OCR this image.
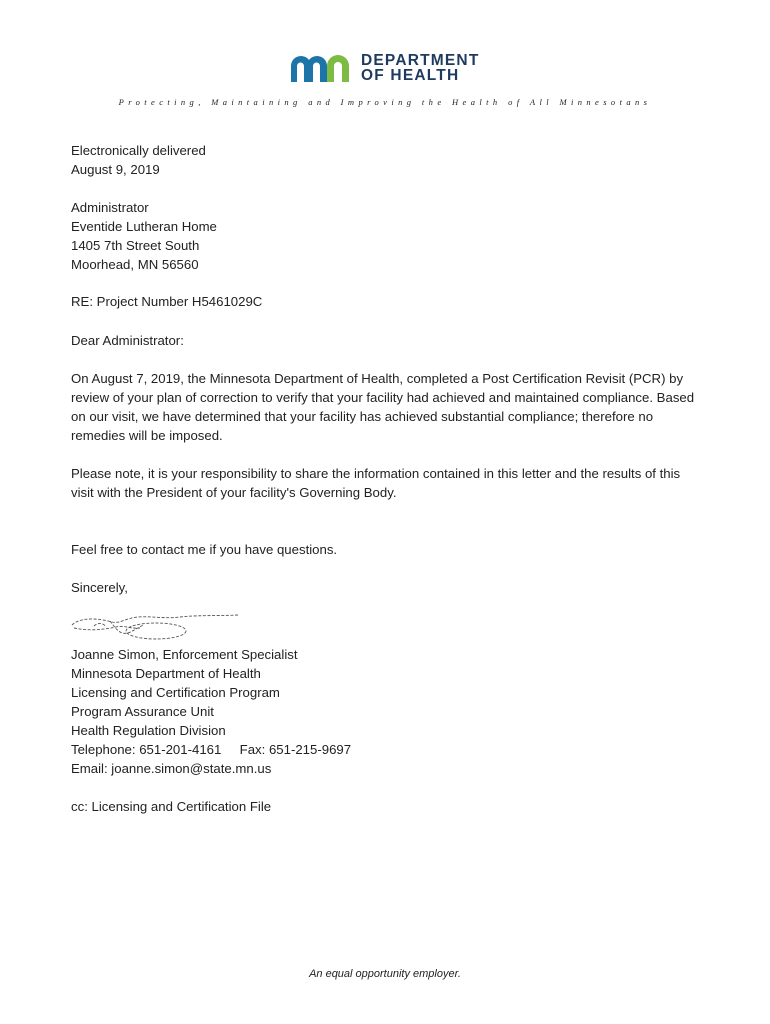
DEPARTMENT
OF HEALTH
Protecting, Maintaining and Improving the Health of All Minnesotans

Electronically delivered

August 9, 2019

Administrator

Eventide Lutheran Home

1405 7th Street South

Moorhead, MN 56560

RE: Project Number H5461029C

Dear Administrator:

On August 7, 2019, the Minnesota Department of Health, completed a Post Certification Revisit (PCR) by review of your plan of correction to verify that your facility had achieved and maintained compliance. Based on our visit, we have determined that your facility has achieved substantial compliance; therefore no remedies will be imposed.

Please note, it is your responsibility to share the information contained in this letter and the results of this visit with the President of your facility's Governing Body.

Feel free to contact me if you have questions.

Sincerely,

Joanne Simon, Enforcement Specialist

Minnesota Department of Health

Licensing and Certification Program

Program Assurance Unit

Health Regulation Division

Telephone: 651-201-4161     Fax: 651-215-9697

Email: joanne.simon@state.mn.us

cc: Licensing and Certification File

An equal opportunity employer.
